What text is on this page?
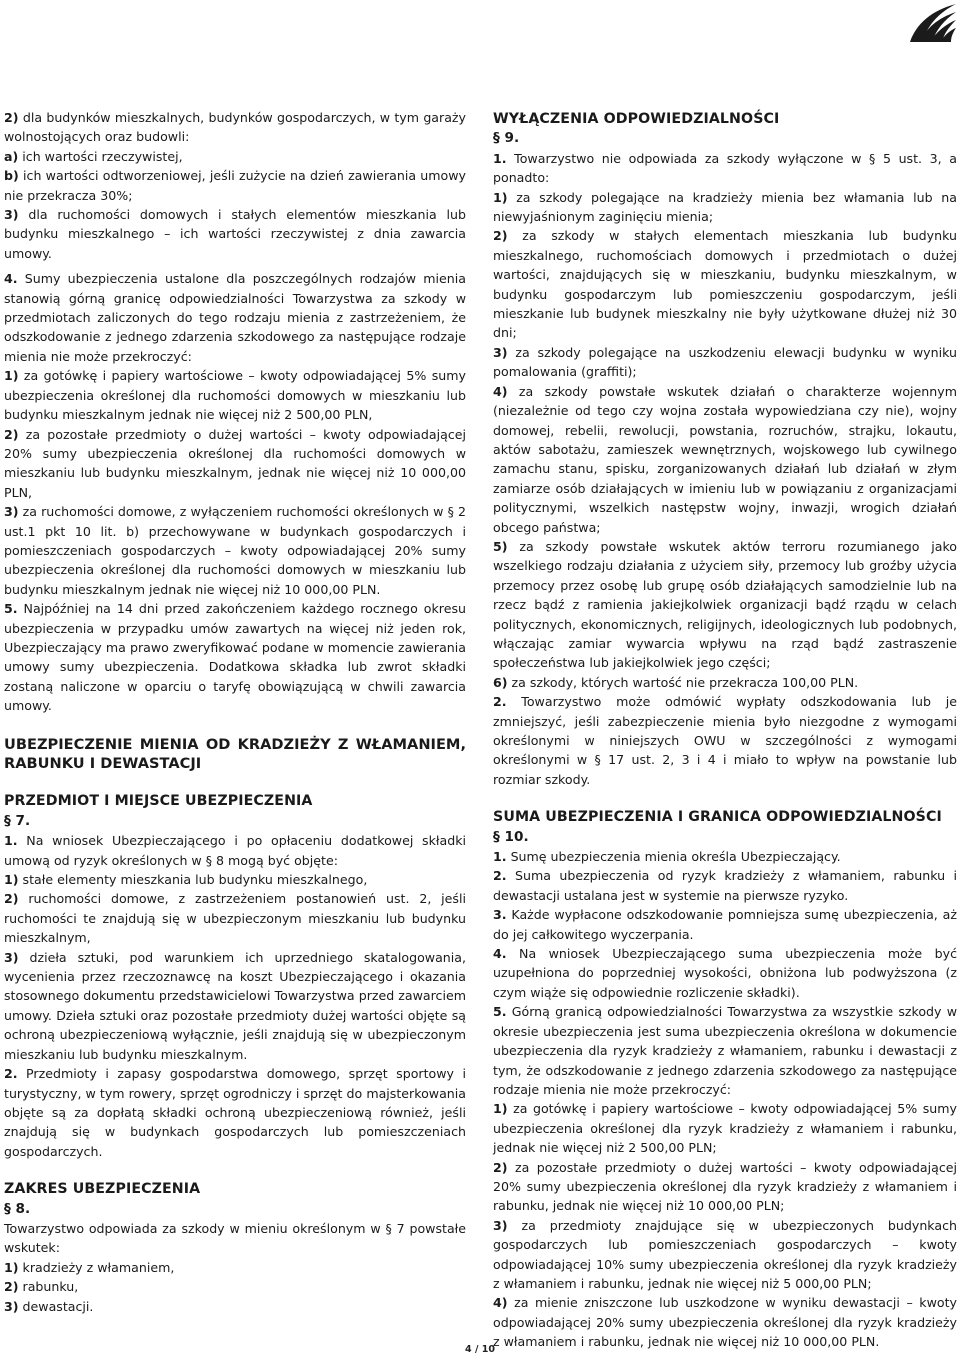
2) dla budynków mieszkalnych, budynków gospodarczych, w tym garaży wolnostojących oraz budowli:

a) ich wartości rzeczywistej,

b) ich wartości odtworzeniowej, jeśli zużycie na dzień zawierania umowy nie przekracza 30%;

3) dla ruchomości domowych i stałych elementów mieszkania lub budynku mieszkalnego – ich wartości rzeczywistej z dnia zawarcia umowy.

4. Sumy ubezpieczenia ustalone dla poszczególnych rodzajów mienia stanowią górną granicę odpowiedzialności Towarzystwa za szkody w przedmiotach zaliczonych do tego rodzaju mienia z zastrzeżeniem, że odszkodowanie z jednego zdarzenia szkodowego za następujące rodzaje mienia nie może przekroczyć:

1) za gotówkę i papiery wartościowe – kwoty odpowiadającej 5% sumy ubezpieczenia określonej dla ruchomości domowych w mieszkaniu lub budynku mieszkalnym jednak nie więcej niż 2 500,00 PLN,

2) za pozostałe przedmioty o dużej wartości – kwoty odpowiadającej 20% sumy ubezpieczenia określonej dla ruchomości domowych w mieszkaniu lub budynku mieszkalnym, jednak nie więcej niż 10 000,00 PLN,

3) za ruchomości domowe, z wyłączeniem ruchomości określonych w § 2 ust.1 pkt 10 lit. b) przechowywane w budynkach gospodarczych i pomieszczeniach gospodarczych – kwoty odpowiadającej 20% sumy ubezpieczenia określonej dla ruchomości domowych w mieszkaniu lub budynku mieszkalnym jednak nie więcej niż 10 000,00 PLN.

5. Najpóźniej na 14 dni przed zakończeniem każdego rocznego okresu ubezpieczenia w przypadku umów zawartych na więcej niż jeden rok, Ubezpieczający ma prawo zweryfikować podane w momencie zawierania umowy sumy ubezpieczenia. Dodatkowa składka lub zwrot składki zostaną naliczone w oparciu o taryfę obowiązującą w chwili zawarcia umowy.

UBEZPIECZENIE MIENIA OD KRADZIEŻY Z WŁAMANIEM, RABUNKU I DEWASTACJI

PRZEDMIOT I MIEJSCE UBEZPIECZENIA

§ 7.

1. Na wniosek Ubezpieczającego i po opłaceniu dodatkowej składki umową od ryzyk określonych w § 8 mogą być objęte:

1) stałe elementy mieszkania lub budynku mieszkalnego,

2) ruchomości domowe, z zastrzeżeniem postanowień ust. 2, jeśli ruchomości te znajdują się w ubezpieczonym mieszkaniu lub budynku mieszkalnym,

3) dzieła sztuki, pod warunkiem ich uprzedniego skatalogowania, wycenienia przez rzeczoznawcę na koszt Ubezpieczającego i okazania stosownego dokumentu przedstawicielowi Towarzystwa przed zawarciem umowy. Dzieła sztuki oraz pozostałe przedmioty dużej wartości objęte są ochroną ubezpieczeniową wyłącznie, jeśli znajdują się w ubezpieczonym mieszkaniu lub budynku mieszkalnym.

2. Przedmioty i zapasy gospodarstwa domowego, sprzęt sportowy i turystyczny, w tym rowery, sprzęt ogrodniczy i sprzęt do majsterkowania objęte są za dopłatą składki ochroną ubezpieczeniową również, jeśli znajdują się w budynkach gospodarczych lub pomieszczeniach gospodarczych.

ZAKRES UBEZPIECZENIA

§ 8.

Towarzystwo odpowiada za szkody w mieniu określonym w § 7 powstałe wskutek:

1) kradzieży z włamaniem,

2) rabunku,

3) dewastacji.

WYŁĄCZENIA ODPOWIEDZIALNOŚCI

§ 9.

1. Towarzystwo nie odpowiada za szkody wyłączone w § 5 ust. 3, a ponadto:

1) za szkody polegające na kradzieży mienia bez włamania lub na niewyjaśnionym zaginięciu mienia;

2) za szkody w stałych elementach mieszkania lub budynku mieszkalnego, ruchomościach domowych i przedmiotach o dużej wartości, znajdujących się w mieszkaniu, budynku mieszkalnym, w budynku gospodarczym lub pomieszczeniu gospodarczym, jeśli mieszkanie lub budynek mieszkalny nie były użytkowane dłużej niż 30 dni;

3) za szkody polegające na uszkodzeniu elewacji budynku w wyniku pomalowania (graffiti);

4) za szkody powstałe wskutek działań o charakterze wojennym (niezależnie od tego czy wojna została wypowiedziana czy nie), wojny domowej, rebelii, rewolucji, powstania, rozruchów, strajku, lokautu, aktów sabotażu, zamieszek wewnętrznych, wojskowego lub cywilnego zamachu stanu, spisku, zorganizowanych działań lub działań w złym zamiarze osób działających w imieniu lub w powiązaniu z organizacjami politycznymi, wszelkich następstw wojny, inwazji, wrogich działań obcego państwa;

5) za szkody powstałe wskutek aktów terroru rozumianego jako wszelkiego rodzaju działania z użyciem siły, przemocy lub groźby użycia przemocy przez osobę lub grupę osób działających samodzielnie lub na rzecz bądź z ramienia jakiejkolwiek organizacji bądź rządu w celach politycznych, ekonomicznych, religijnych, ideologicznych lub podobnych, włączając zamiar wywarcia wpływu na rząd bądź zastraszenie społeczeństwa lub jakiejkolwiek jego części;

6) za szkody, których wartość nie przekracza 100,00 PLN.

2. Towarzystwo może odmówić wypłaty odszkodowania lub je zmniejszyć, jeśli zabezpieczenie mienia było niezgodne z wymogami określonymi w niniejszych OWU w szczególności z wymogami określonymi w § 17 ust. 2, 3 i 4 i miało to wpływ na powstanie lub rozmiar szkody.

SUMA UBEZPIECZENIA I GRANICA ODPOWIEDZIALNOŚCI

§ 10.

1. Sumę ubezpieczenia mienia określa Ubezpieczający.

2. Suma ubezpieczenia od ryzyk kradzieży z włamaniem, rabunku i dewastacji ustalana jest w systemie na pierwsze ryzyko.

3. Każde wypłacone odszkodowanie pomniejsza sumę ubezpieczenia, aż do jej całkowitego wyczerpania.

4. Na wniosek Ubezpieczającego suma ubezpieczenia może być uzupełniona do poprzedniej wysokości, obniżona lub podwyższona (z czym wiąże się odpowiednie rozliczenie składki).

5. Górną granicą odpowiedzialności Towarzystwa za wszystkie szkody w okresie ubezpieczenia jest suma ubezpieczenia określona w dokumencie ubezpieczenia dla ryzyk kradzieży z włamaniem, rabunku i dewastacji z tym, że odszkodowanie z jednego zdarzenia szkodowego za następujące rodzaje mienia nie może przekroczyć:

1) za gotówkę i papiery wartościowe – kwoty odpowiadającej 5% sumy ubezpieczenia określonej dla ryzyk kradzieży z włamaniem i rabunku, jednak nie więcej niż 2 500,00 PLN;

2) za pozostałe przedmioty o dużej wartości – kwoty odpowiadającej 20% sumy ubezpieczenia określonej dla ryzyk kradzieży z włamaniem i rabunku, jednak nie więcej niż 10 000,00 PLN;

3) za przedmioty znajdujące się w ubezpieczonych budynkach gospodarczych lub pomieszczeniach gospodarczych – kwoty odpowiadającej 10% sumy ubezpieczenia określonej dla ryzyk kradzieży z włamaniem i rabunku, jednak nie więcej niż 5 000,00 PLN;

4) za mienie zniszczone lub uszkodzone w wyniku dewastacji – kwoty odpowiadającej 20% sumy ubezpieczenia określonej dla ryzyk kradzieży z włamaniem i rabunku, jednak nie więcej niż 10 000,00 PLN.

4 / 10
